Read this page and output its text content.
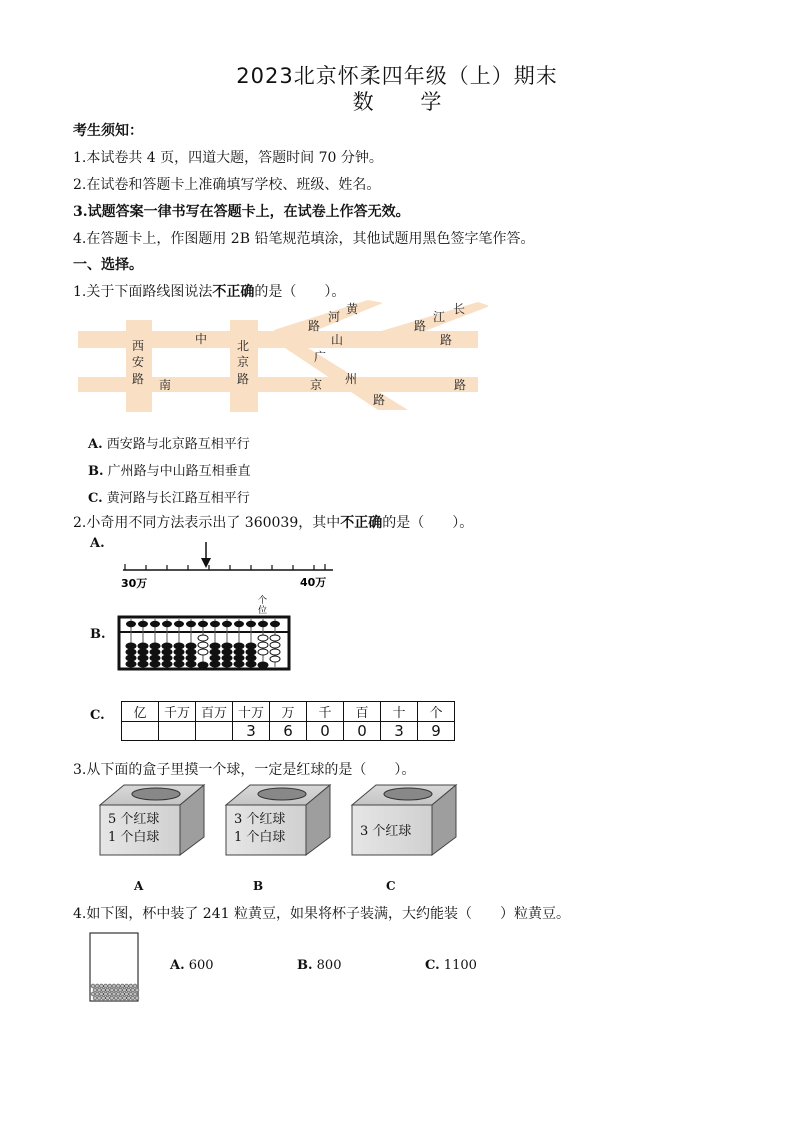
2023北京怀柔四年级（上）期末
数 学
考生须知：
1.本试卷共 4 页，四道大题，答题时间 70 分钟。
2.在试卷和答题卡上准确填写学校、班级、姓名。
3.试题答案一律书写在答题卡上，在试卷上作答无效。
4.在答题卡上，作图题用 2B 铅笔规范填涂，其他试题用黑色签字笔作答。
一、选择。
1.关于下面路线图说法不正确的是（　　）。
西
安
路
北
京
路
中
南
山	路
黄
河
路
长
江
路
广
州
路
京	路
A. 西安路与北京路互相平行
B. 广州路与中山路互相垂直
C. 黄河路与长江路互相平行
2.小奇用不同方法表示出了 360039，其中不正确的是（　　）。
A.
30万	40万
B.
个
位
C. 亿	千万	百万	十万	万	千	百	十	个
			3	6	0	0	3	9
3.从下面的盒子里摸一个球，一定是红球的是（　　）。
5 个红球
1 个白球
3 个红球
1 个白球	3 个红球
A	B	C
4.如下图，杯中装了 241 粒黄豆，如果将杯子装满，大约能装（　　）粒黄豆。
A. 600	B. 800	C. 1100
